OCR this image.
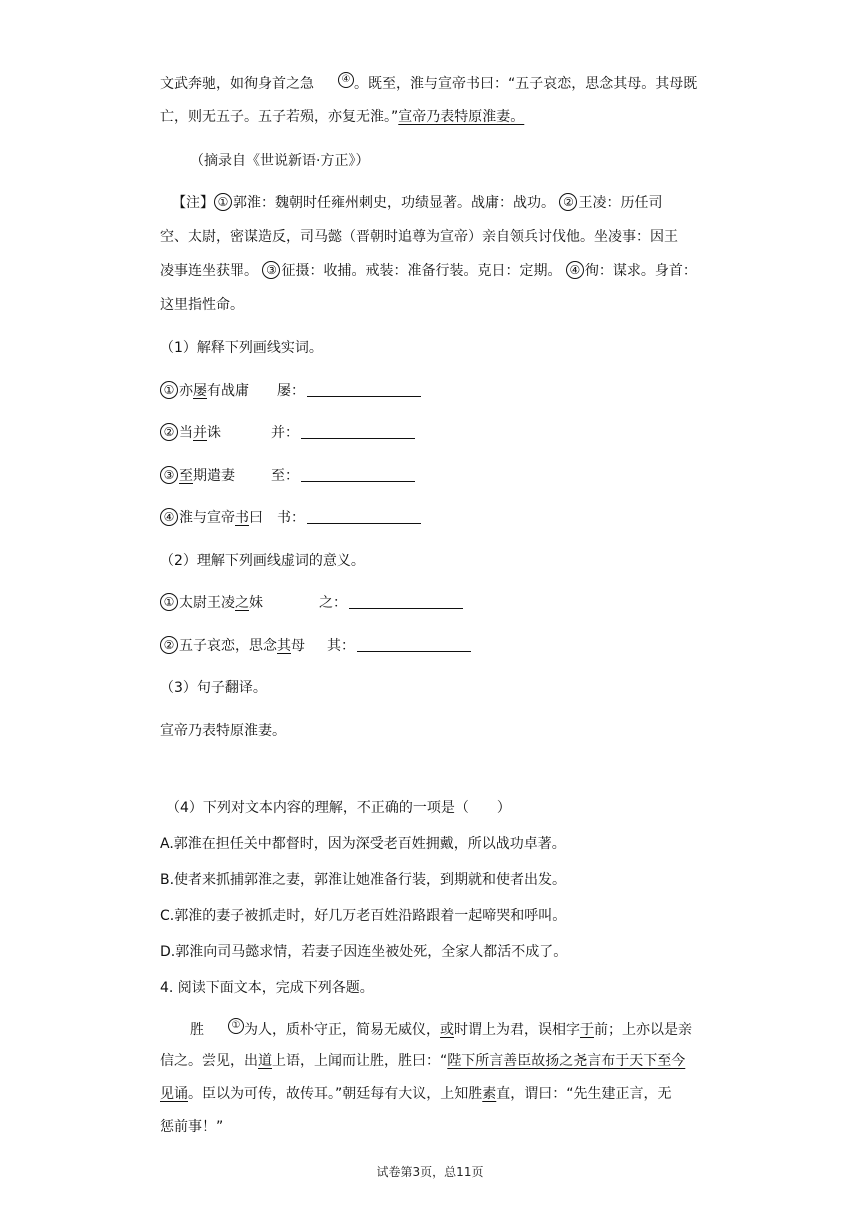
文武奔驰，如徇身首之急	④ 。既至，淮与宣帝书曰：“五子哀恋，思念其母。其母既
亡，则无五子。五子若殒，亦复无淮。”宣帝乃表特原淮妻。
（摘录自《世说新语·方正》）
【注】 ① 郭淮：魏朝时任雍州刺史，功绩显著。战庸：战功。 ② 王凌：历任司
空、太尉，密谋造反，司马懿（晋朝时追尊为宣帝）亲自领兵讨伐他。坐凌事：因王
凌事连坐获罪。 ③ 征摄：收捕。戒装：准备行装。克日：定期。 ④ 徇：谋求。身首：
这里指性命。
（1）解释下列画线实词。
① 亦屡有战庸 屡：
② 当并诛	并：
③ 至期遣妻	至：
④ 淮与宣帝书曰 书：
（2）理解下列画线虚词的意义。
① 太尉王凌之妹	之：
② 五子哀恋，思念其母 其：
（3）句子翻译。
宣帝乃表特原淮妻。
（4）下列对文本内容的理解，不正确的一项是（　　）
A.郭淮在担任关中都督时，因为深受老百姓拥戴，所以战功卓著。
B.使者来抓捕郭淮之妻，郭淮让她准备行装，到期就和使者出发。
C.郭淮的妻子被抓走时，好几万老百姓沿路跟着一起啼哭和呼叫。
D.郭淮向司马懿求情，若妻子因连坐被处死，全家人都活不成了。
4. 阅读下面文本，完成下列各题。
胜	① 为人，质朴守正，简易无威仪，或时谓上为君，误相字于前；上亦以是亲
信之。尝见，出道上语，上闻而让胜，胜曰：“陛下所言善臣故扬之尧言布于天下至今
见诵。臣以为可传，故传耳。”朝廷每有大议，上知胜素直，谓曰：“先生建正言，无
惩前事！”
试卷第3页，总11页
